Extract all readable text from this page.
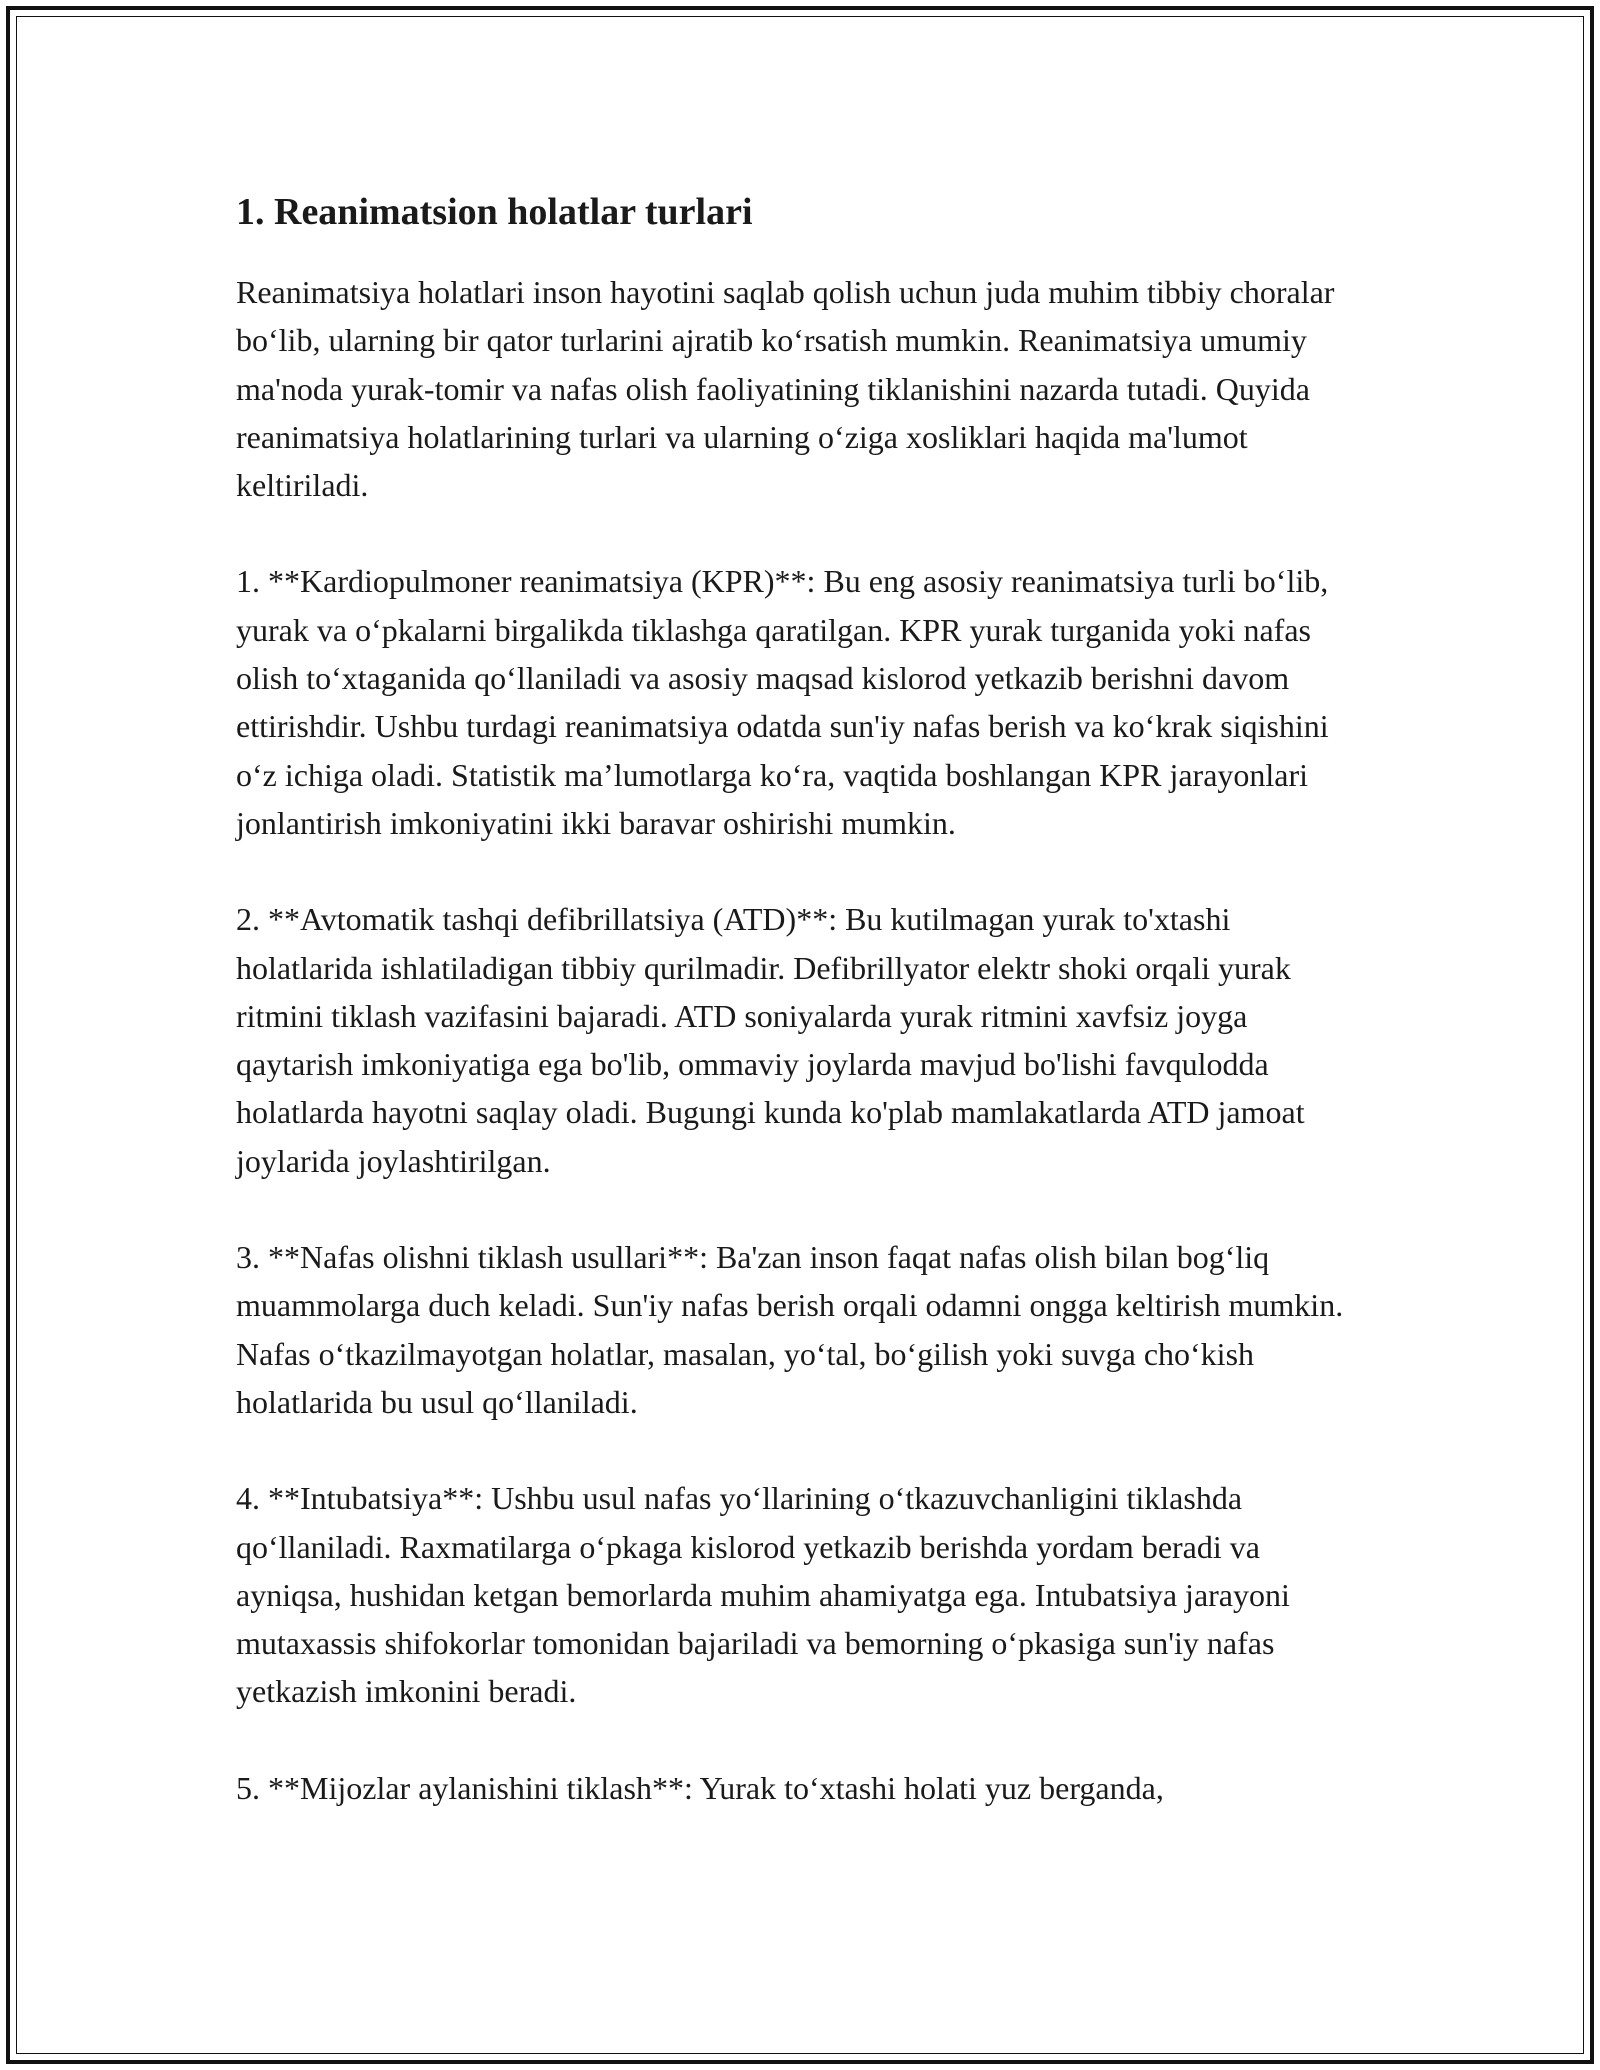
1. Reanimatsion holatlar turlari

Reanimatsiya holatlari inson hayotini saqlab qolish uchun juda muhim tibbiy choralar bo‘lib, ularning bir qator turlarini ajratib ko‘rsatish mumkin. Reanimatsiya umumiy ma'noda yurak-tomir va nafas olish faoliyatining tiklanishini nazarda tutadi. Quyida reanimatsiya holatlarining turlari va ularning o‘ziga xosliklari haqida ma'lumot keltiriladi.

1. **Kardiopulmoner reanimatsiya (KPR)**: Bu eng asosiy reanimatsiya turli bo‘lib, yurak va o‘pkalarni birgalikda tiklashga qaratilgan. KPR yurak turganida yoki nafas olish to‘xtaganida qo‘llaniladi va asosiy maqsad kislorod yetkazib berishni davom ettirishdir. Ushbu turdagi reanimatsiya odatda sun'iy nafas berish va ko‘krak siqishini o‘z ichiga oladi. Statistik ma’lumotlarga ko‘ra, vaqtida boshlangan KPR jarayonlari jonlantirish imkoniyatini ikki baravar oshirishi mumkin.

2. **Avtomatik tashqi defibrillatsiya (ATD)**: Bu kutilmagan yurak to'xtashi holatlarida ishlatiladigan tibbiy qurilmadir. Defibrillyator elektr shoki orqali yurak ritmini tiklash vazifasini bajaradi. ATD soniyalarda yurak ritmini xavfsiz joyga qaytarish imkoniyatiga ega bo'lib, ommaviy joylarda mavjud bo'lishi favqulodda holatlarda hayotni saqlay oladi. Bugungi kunda ko'plab mamlakatlarda ATD jamoat joylarida joylashtirilgan.

3. **Nafas olishni tiklash usullari**: Ba'zan inson faqat nafas olish bilan bog‘liq muammolarga duch keladi. Sun'iy nafas berish orqali odamni ongga keltirish mumkin. Nafas o‘tkazilmayotgan holatlar, masalan, yo‘tal, bo‘gilish yoki suvga cho‘kish holatlarida bu usul qo‘llaniladi.

4. **Intubatsiya**: Ushbu usul nafas yo‘llarining o‘tkazuvchanligini tiklashda qo‘llaniladi. Raxmatilarga o‘pkaga kislorod yetkazib berishda yordam beradi va ayniqsa, hushidan ketgan bemorlarda muhim ahamiyatga ega. Intubatsiya jarayoni mutaxassis shifokorlar tomonidan bajariladi va bemorning o‘pkasiga sun'iy nafas yetkazish imkonini beradi.

5. **Mijozlar aylanishini tiklash**: Yurak to‘xtashi holati yuz berganda,
